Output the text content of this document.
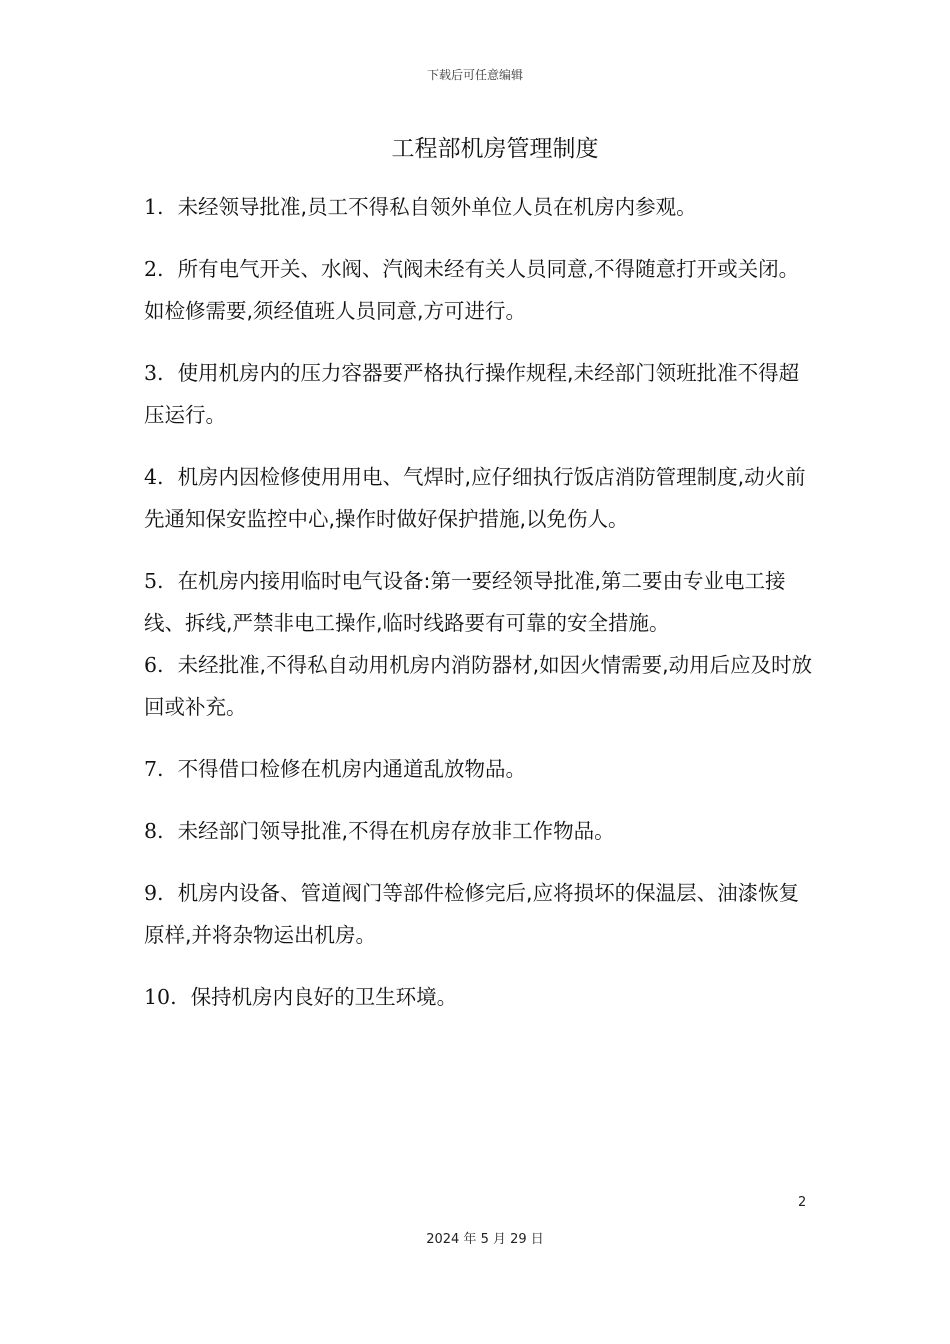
下载后可任意编辑
工程部机房管理制度
1. 未经领导批准,员工不得私自领外单位人员在机房内参观。
2. 所有电气开关、水阀、汽阀未经有关人员同意,不得随意打开或关闭。如检修需要,须经值班人员同意,方可进行。
3. 使用机房内的压力容器要严格执行操作规程,未经部门领班批准不得超压运行。
4. 机房内因检修使用用电、气焊时,应仔细执行饭店消防管理制度,动火前先通知保安监控中心,操作时做好保护措施,以免伤人。
5. 在机房内接用临时电气设备:第一要经领导批准,第二要由专业电工接线、拆线,严禁非电工操作,临时线路要有可靠的安全措施。
6. 未经批准,不得私自动用机房内消防器材,如因火情需要,动用后应及时放回或补充。
7. 不得借口检修在机房内通道乱放物品。
8. 未经部门领导批准,不得在机房存放非工作物品。
9. 机房内设备、管道阀门等部件检修完后,应将损坏的保温层、油漆恢复原样,并将杂物运出机房。
10. 保持机房内良好的卫生环境。
2
2024 年 5 月 29 日
